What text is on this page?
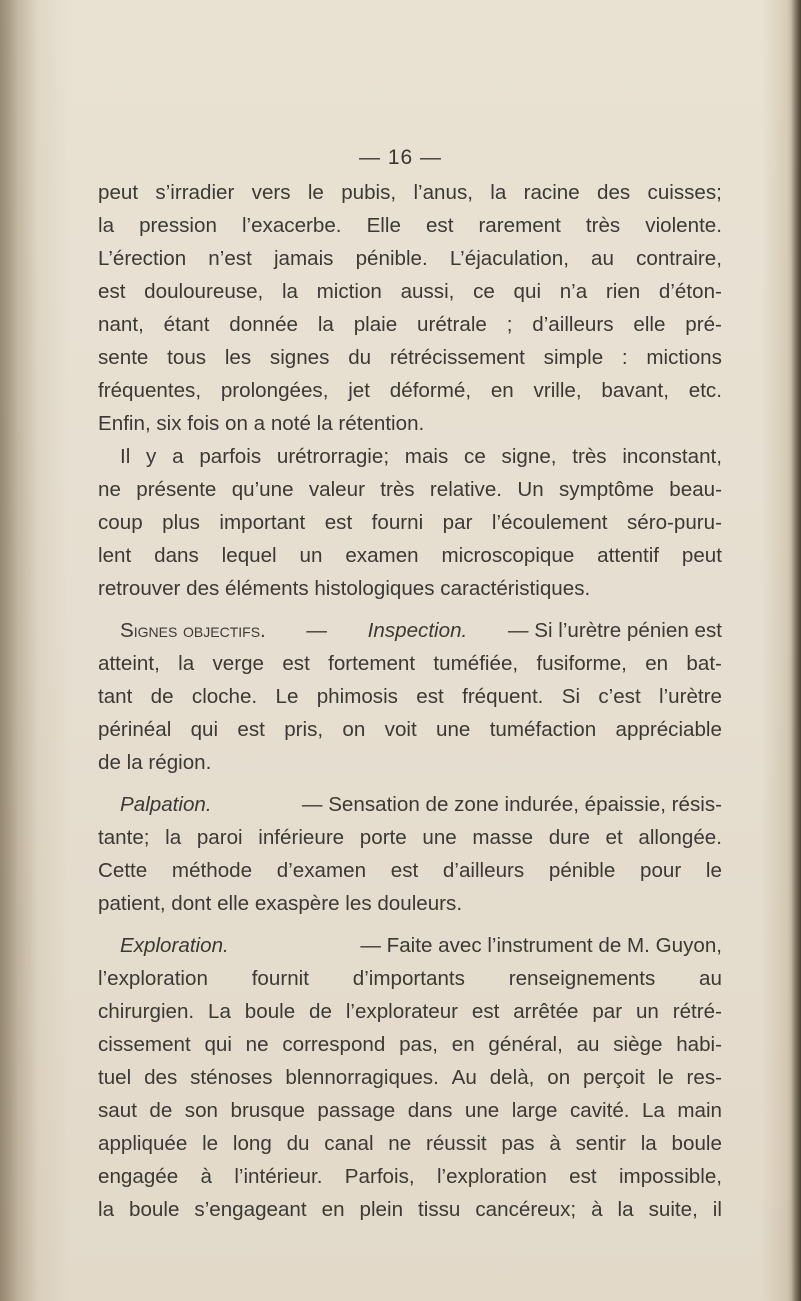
— 16 —
peut s’irradier vers le pubis, l’anus, la racine des cuisses;
la pression l’exacerbe. Elle est rarement très violente.
L’érection n’est jamais pénible. L’éjaculation, au contraire,
est douloureuse, la miction aussi, ce qui n’a rien d’éton-
nant, étant donnée la plaie urétrale ; d’ailleurs elle pré-
sente tous les signes du rétrécissement simple : mictions
fréquentes, prolongées, jet déformé, en vrille, bavant, etc.
Enfin, six fois on a noté la rétention.
Il y a parfois urétrorragie; mais ce signe, très inconstant,
ne présente qu’une valeur très relative. Un symptôme beau-
coup plus important est fourni par l’écoulement séro-puru-
lent dans lequel un examen microscopique attentif peut
retrouver des éléments histologiques caractéristiques.
Signes objectifs. — Inspection. — Si l’urètre pénien est
atteint, la verge est fortement tuméfiée, fusiforme, en bat-
tant de cloche. Le phimosis est fréquent. Si c’est l’urètre
périnéal qui est pris, on voit une tuméfaction appréciable
de la région.
Palpation.	— Sensation de zone indurée, épaissie, résis-
tante; la paroi inférieure porte une masse dure et allongée.
Cette méthode d’examen est d’ailleurs pénible pour le
patient, dont elle exaspère les douleurs.
Exploration.	— Faite avec l’instrument de M. Guyon,
l’exploration fournit d’importants renseignements au
chirurgien. La boule de l’explorateur est arrêtée par un rétré-
cissement qui ne correspond pas, en général, au siège habi-
tuel des sténoses blennorragiques. Au delà, on perçoit le res-
saut de son brusque passage dans une large cavité. La main
appliquée le long du canal ne réussit pas à sentir la boule
engagée à l’intérieur. Parfois, l’exploration est impossible,
la boule s’engageant en plein tissu cancéreux; à la suite, il
